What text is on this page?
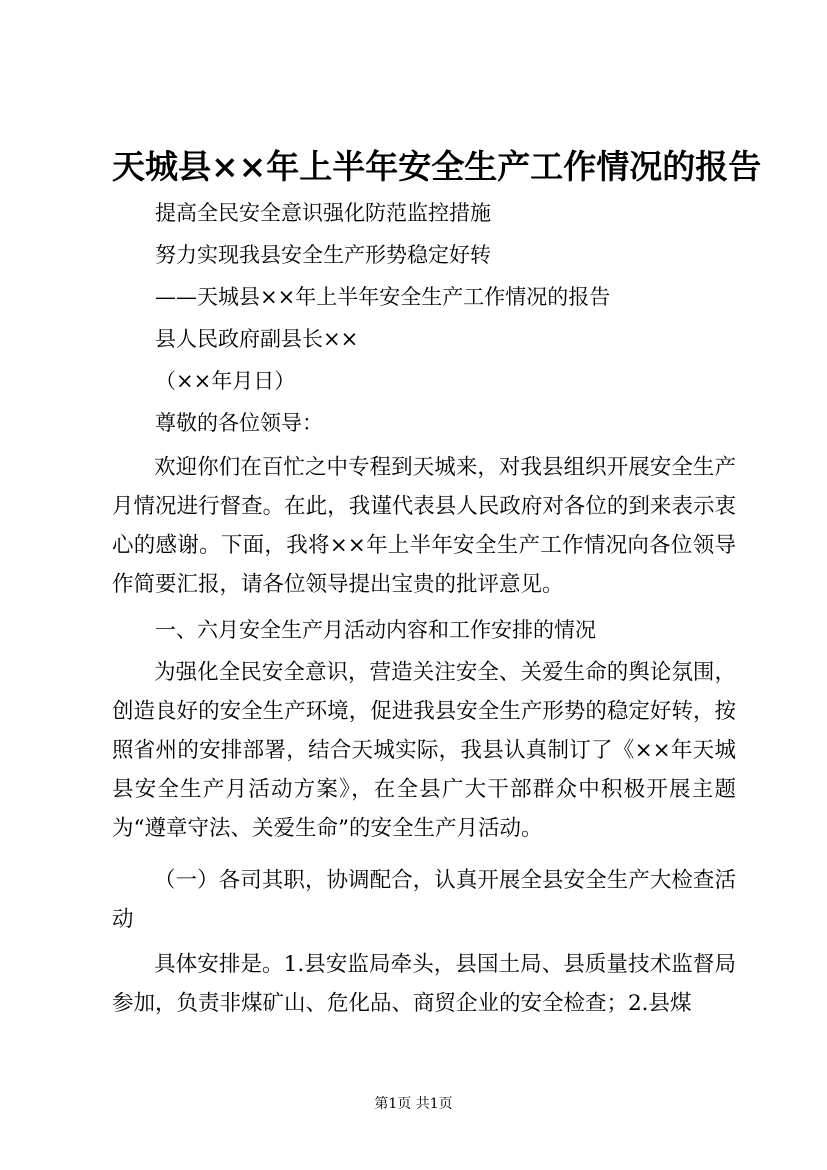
天城县××年上半年安全生产工作情况的报告
提高全民安全意识强化防范监控措施
努力实现我县安全生产形势稳定好转
——天城县××年上半年安全生产工作情况的报告
县人民政府副县长××
（××年月日）
尊敬的各位领导：
欢迎你们在百忙之中专程到天城来，对我县组织开展安全生产月情况进行督查。在此，我谨代表县人民政府对各位的到来表示衷心的感谢。下面，我将××年上半年安全生产工作情况向各位领导作简要汇报，请各位领导提出宝贵的批评意见。
一、六月安全生产月活动内容和工作安排的情况
为强化全民安全意识，营造关注安全、关爱生命的舆论氛围，创造良好的安全生产环境，促进我县安全生产形势的稳定好转，按照省州的安排部署，结合天城实际，我县认真制订了《××年天城县安全生产月活动方案》，在全县广大干部群众中积极开展主题为“遵章守法、关爱生命”的安全生产月活动。
（一）各司其职，协调配合，认真开展全县安全生产大检查活动
具体安排是。1.县安监局牵头，县国土局、县质量技术监督局参加，负责非煤矿山、危化品、商贸企业的安全检查；2.县煤
第1页 共1页
